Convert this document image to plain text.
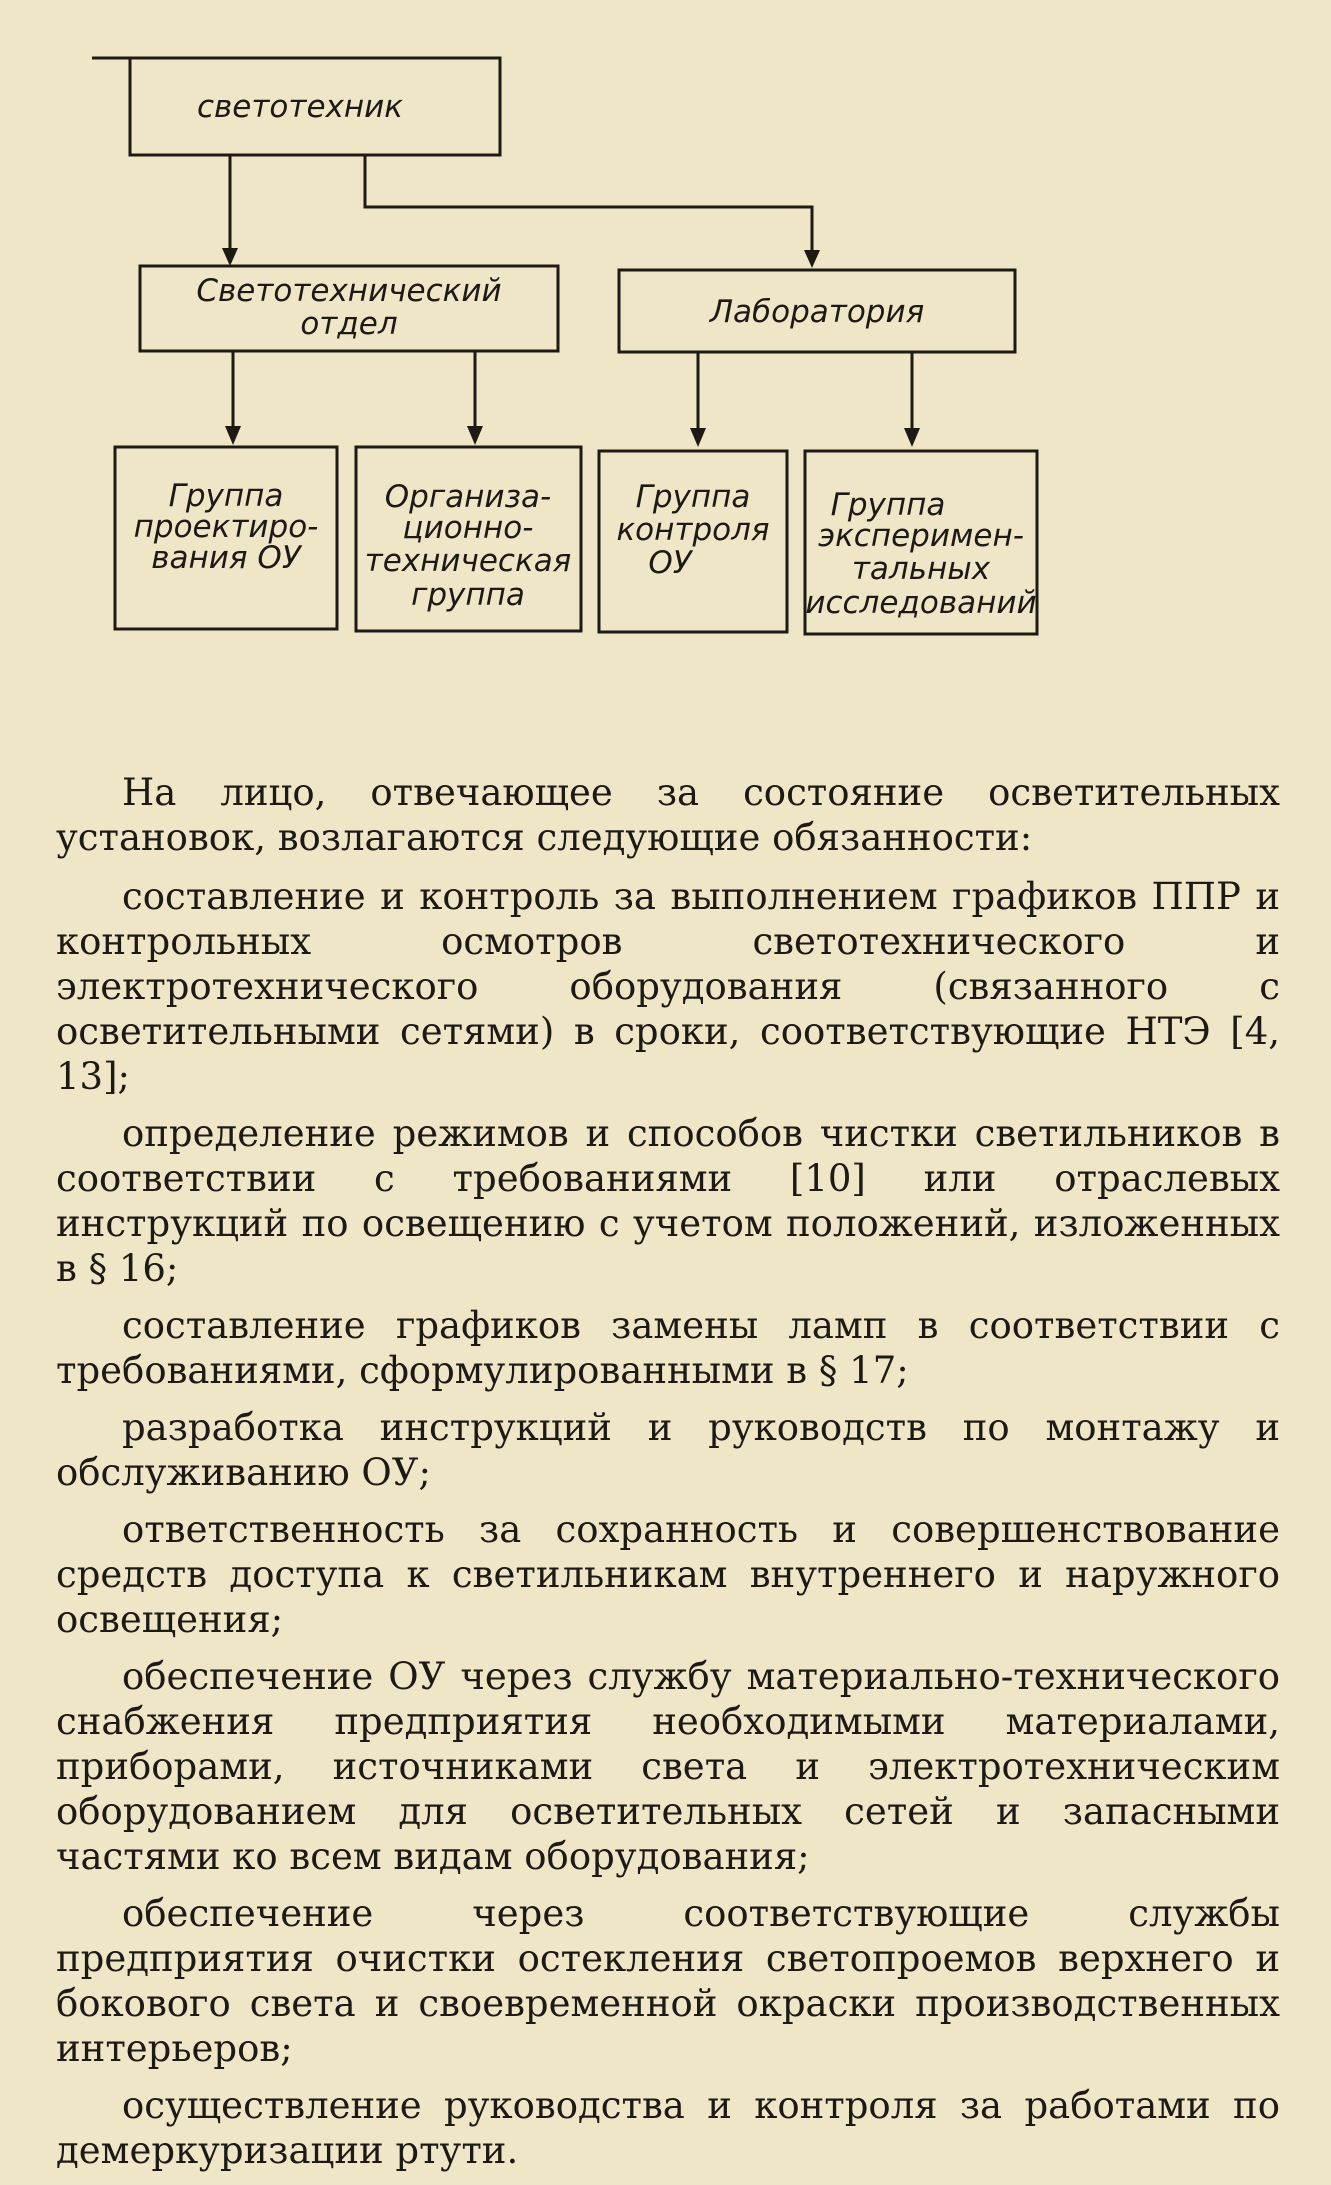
светотехник
Светотехнический
отдел	Лаборатория
Группа
проектиро-
вания ОУ
Организа-
ционно-
техническая
группа
Группа
контроля
ОУ
Группа
эксперимен-
тальных
исследований

На лицо, отвечающее за состояние осветительных установок, возлагаются следующие обязанности:

составление и контроль за выполнением графиков ППР и контрольных осмотров светотехнического и электротехнического оборудования (связанного с осветительными сетями) в сроки, соответствующие НТЭ [4, 13];

определение режимов и способов чистки светильников в соответствии с требованиями [10] или отраслевых инструкций по освещению с учетом положений, изложенных в § 16;

составление графиков замены ламп в соответствии с требованиями, сформулированными в § 17;

разработка инструкций и руководств по монтажу и обслуживанию ОУ;

ответственность за сохранность и совершенствование средств доступа к светильникам внутреннего и наружного освещения;

обеспечение ОУ через службу материально-технического снабжения предприятия необходимыми материалами, приборами, источниками света и электротехническим оборудованием для осветительных сетей и запасными частями ко всем видам оборудования;

обеспечение через соответствующие службы предприятия очистки остекления светопроемов верхнего и бокового света и своевременной окраски производственных интерьеров;

осуществление руководства и контроля за работами по демеркуризации ртути.
